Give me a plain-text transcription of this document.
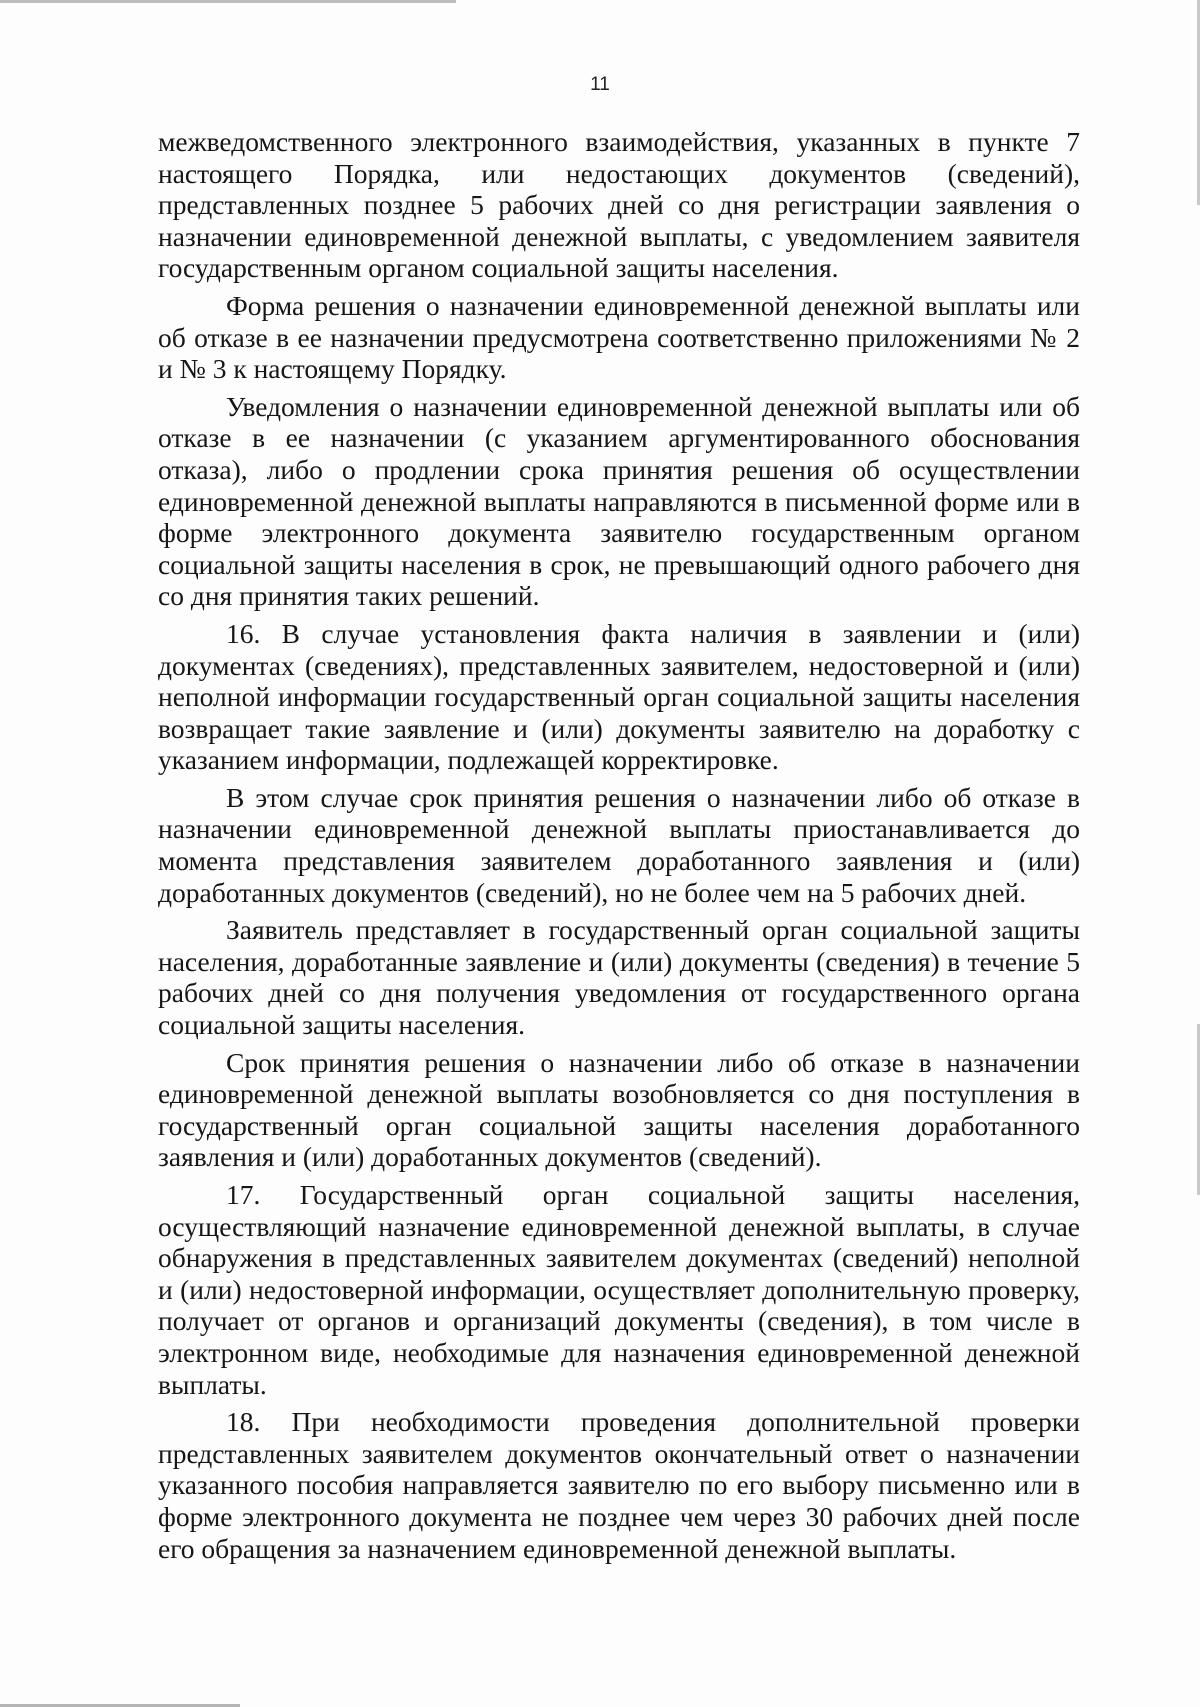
11

межведомственного электронного взаимодействия, указанных в пункте 7 настоящего Порядка, или недостающих документов (сведений), представленных позднее 5 рабочих дней со дня регистрации заявления о назначении единовременной денежной выплаты, с уведомлением заявителя государственным органом социальной защиты населения.

Форма решения о назначении единовременной денежной выплаты или об отказе в ее назначении предусмотрена соответственно приложениями № 2 и № 3 к настоящему Порядку.

Уведомления о назначении единовременной денежной выплаты или об отказе в ее назначении (с указанием аргументированного обоснования отказа), либо о продлении срока принятия решения об осуществлении единовременной денежной выплаты направляются в письменной форме или в форме электронного документа заявителю государственным органом социальной защиты населения в срок, не превышающий одного рабочего дня со дня принятия таких решений.

16. В случае установления факта наличия в заявлении и (или) документах (сведениях), представленных заявителем, недостоверной и (или) неполной информации государственный орган социальной защиты населения возвращает такие заявление и (или) документы заявителю на доработку с указанием информации, подлежащей корректировке.

В этом случае срок принятия решения о назначении либо об отказе в назначении единовременной денежной выплаты приостанавливается до момента представления заявителем доработанного заявления и (или) доработанных документов (сведений), но не более чем на 5 рабочих дней.

Заявитель представляет в государственный орган социальной защиты населения, доработанные заявление и (или) документы (сведения) в течение 5 рабочих дней со дня получения уведомления от государственного органа социальной защиты населения.

Срок принятия решения о назначении либо об отказе в назначении единовременной денежной выплаты возобновляется со дня поступления в государственный орган социальной защиты населения доработанного заявления и (или) доработанных документов (сведений).

17. Государственный орган социальной защиты населения, осуществляющий назначение единовременной денежной выплаты, в случае обнаружения в представленных заявителем документах (сведений) неполной и (или) недостоверной информации, осуществляет дополнительную проверку, получает от органов и организаций документы (сведения), в том числе в электронном виде, необходимые для назначения единовременной денежной выплаты.

18. При необходимости проведения дополнительной проверки представленных заявителем документов окончательный ответ о назначении указанного пособия направляется заявителю по его выбору письменно или в форме электронного документа не позднее чем через 30 рабочих дней после его обращения за назначением единовременной денежной выплаты.
